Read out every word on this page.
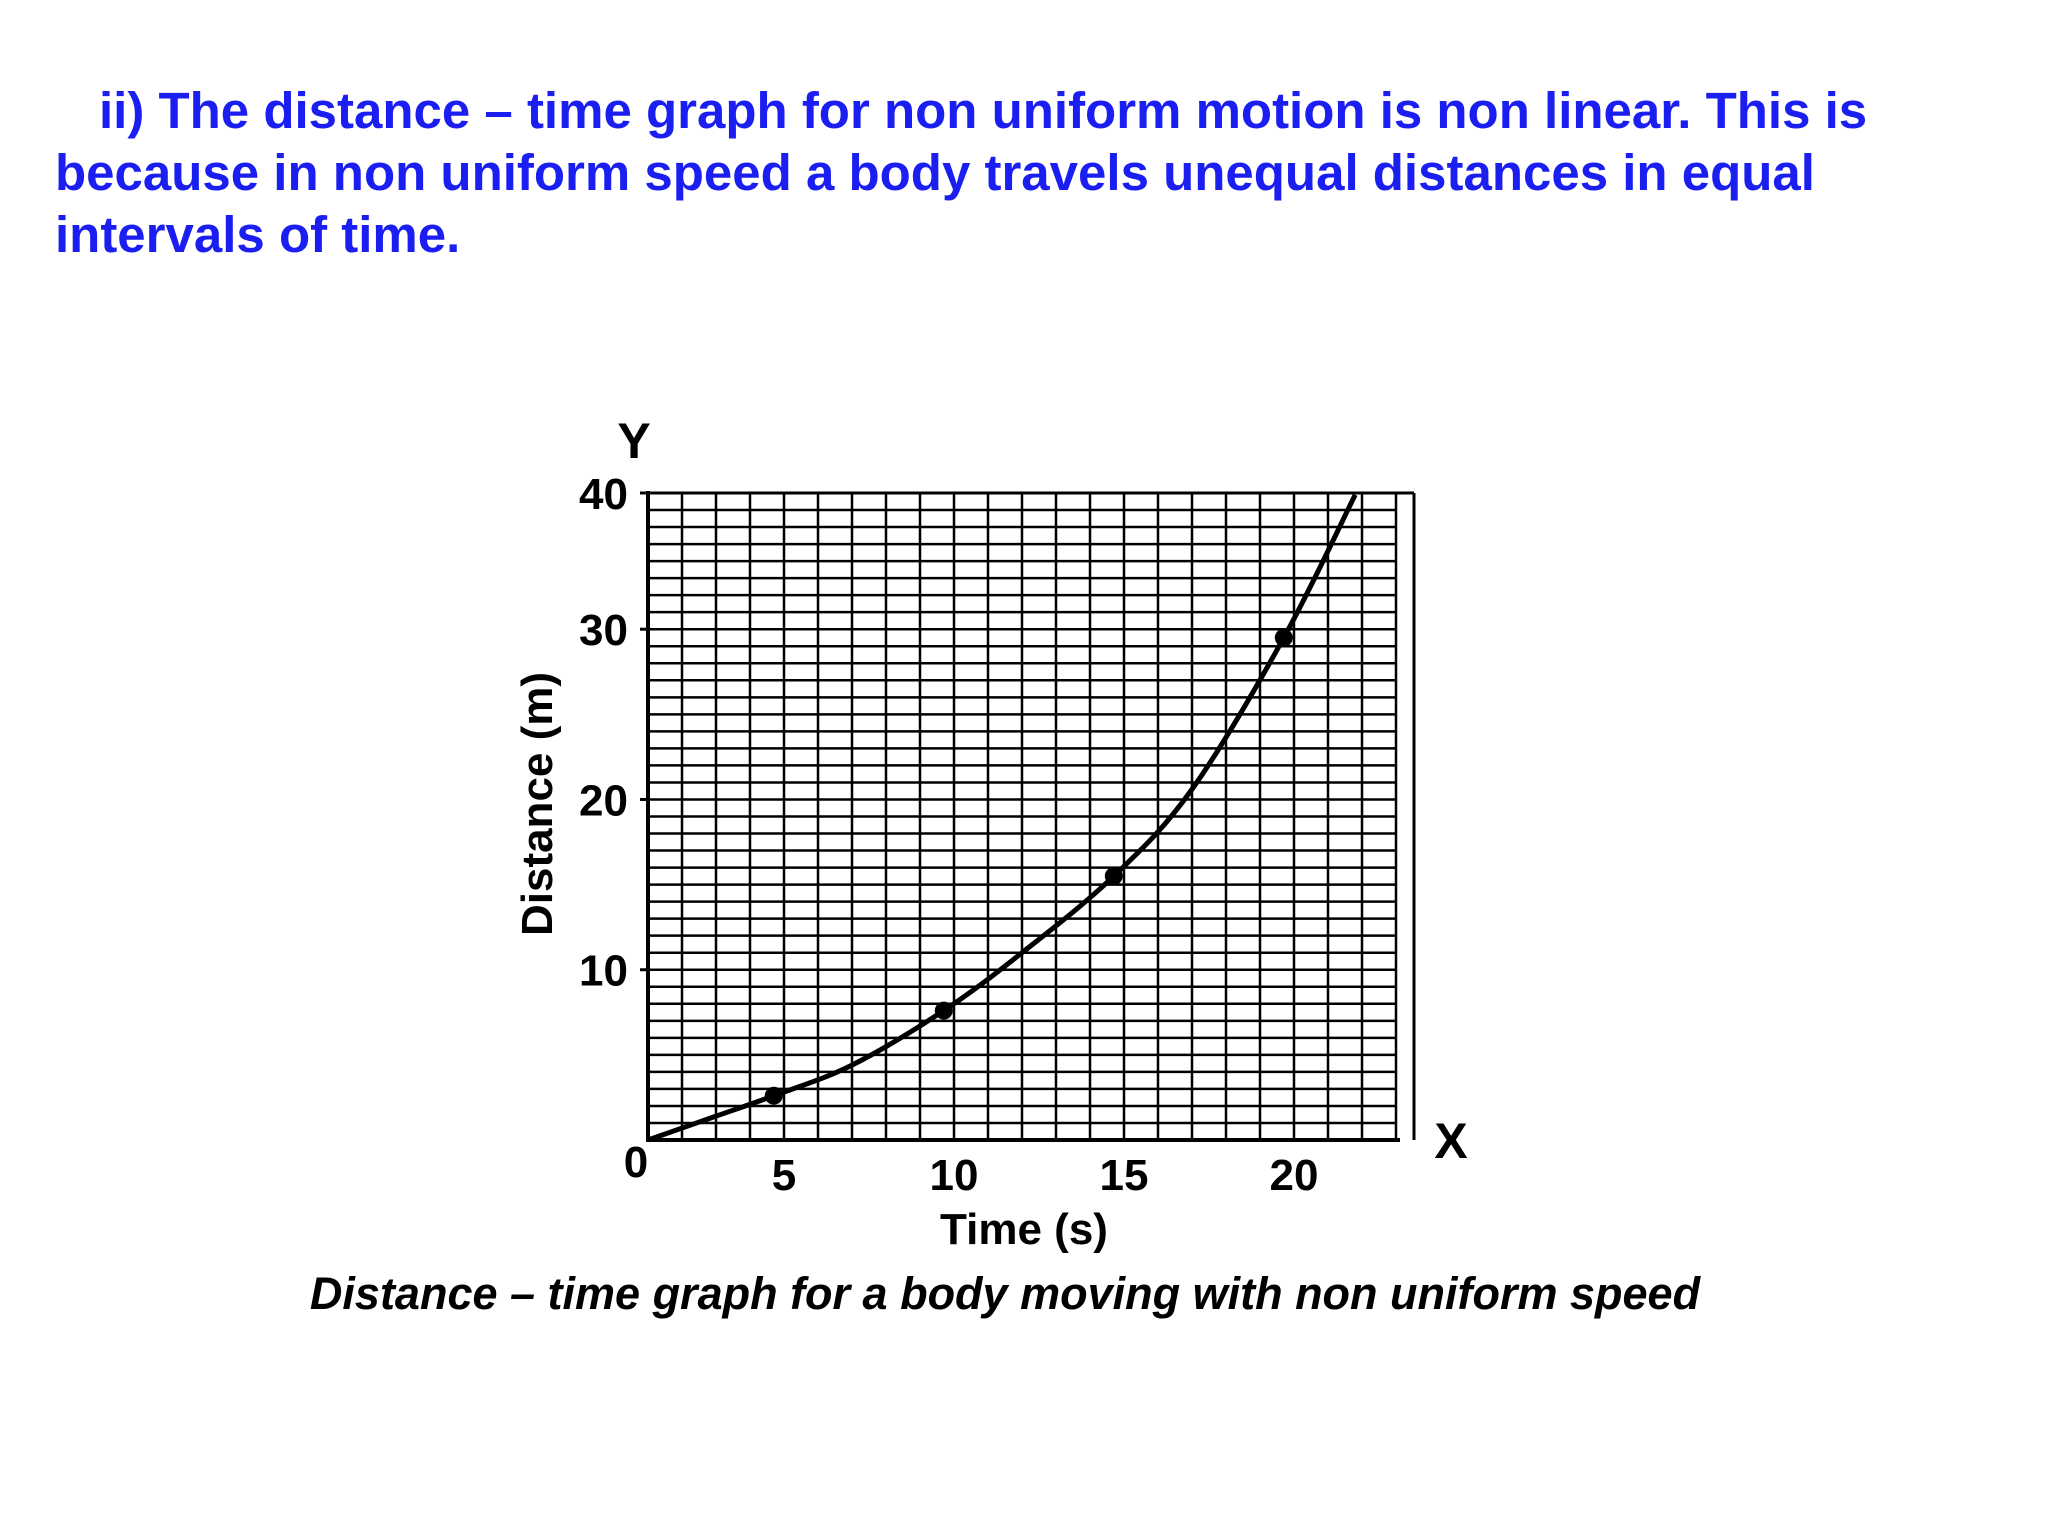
ii) The distance – time graph for non uniform motion is non linear. This is because in non uniform speed a body travels unequal distances in equal intervals of time.

10
20
30
40
5	10	15	20
0
Y
X
Time (s)
Distance (m)

Distance – time graph for a body moving with non uniform speed
